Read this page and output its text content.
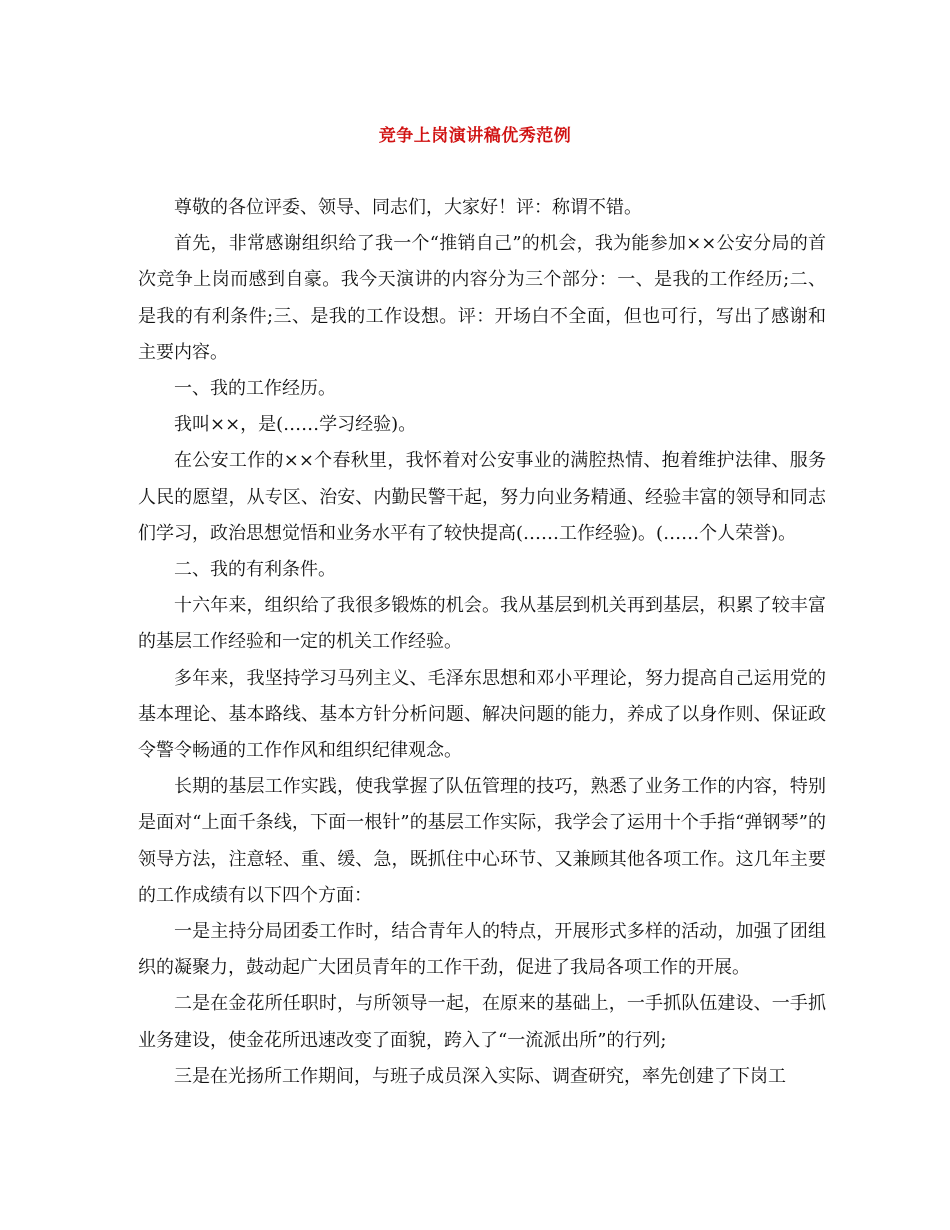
竞争上岗演讲稿优秀范例

尊敬的各位评委、领导、同志们，大家好！评：称谓不错。

首先，非常感谢组织给了我一个“推销自己”的机会，我为能参加××公安分局的首次竞争上岗而感到自豪。我今天演讲的内容分为三个部分：一、是我的工作经历;二、是我的有利条件;三、是我的工作设想。评：开场白不全面，但也可行，写出了感谢和主要内容。

一、我的工作经历。

我叫××，是(……学习经验)。

在公安工作的××个春秋里，我怀着对公安事业的满腔热情、抱着维护法律、服务人民的愿望，从专区、治安、内勤民警干起，努力向业务精通、经验丰富的领导和同志们学习，政治思想觉悟和业务水平有了较快提高(……工作经验)。(……个人荣誉)。

二、我的有利条件。

十六年来，组织给了我很多锻炼的机会。我从基层到机关再到基层，积累了较丰富的基层工作经验和一定的机关工作经验。

多年来，我坚持学习马列主义、毛泽东思想和邓小平理论，努力提高自己运用党的基本理论、基本路线、基本方针分析问题、解决问题的能力，养成了以身作则、保证政令警令畅通的工作作风和组织纪律观念。

长期的基层工作实践，使我掌握了队伍管理的技巧，熟悉了业务工作的内容，特别是面对“上面千条线，下面一根针”的基层工作实际，我学会了运用十个手指“弹钢琴”的领导方法，注意轻、重、缓、急，既抓住中心环节、又兼顾其他各项工作。这几年主要的工作成绩有以下四个方面：

一是主持分局团委工作时，结合青年人的特点，开展形式多样的活动，加强了团组织的凝聚力，鼓动起广大团员青年的工作干劲，促进了我局各项工作的开展。

二是在金花所任职时，与所领导一起，在原来的基础上，一手抓队伍建设、一手抓业务建设，使金花所迅速改变了面貌，跨入了“一流派出所”的行列;

三是在光扬所工作期间，与班子成员深入实际、调查研究，率先创建了下岗工
